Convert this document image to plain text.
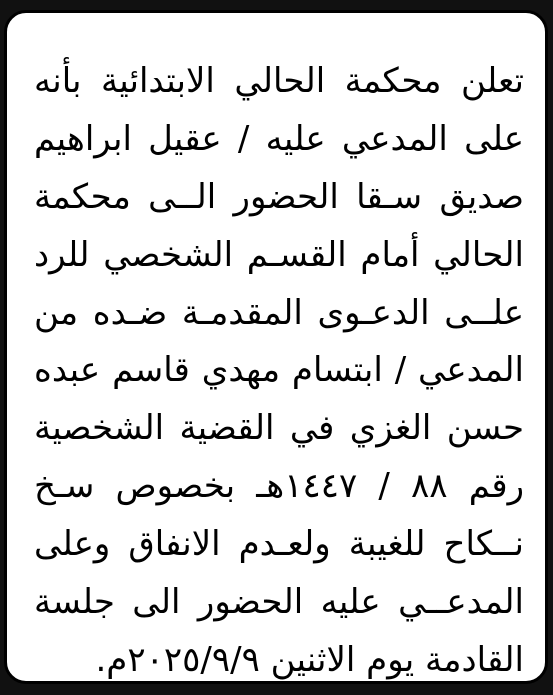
تعلن محكمة الحالي الابتدائية بأنه
على المدعي عليه / عقيل ابراهيم
صديق سـقا الحضور الــى محكمة
الحالي أمام القسـم الشخصي للرد
علــى الدعـوى المقدمـة ضـده من
المدعي / ابتسام مهدي قاسم عبده
حسن الغزي في القضية الشخصية
رقم ٨٨ / ١٤٤٧هـ بخصوص سـخ
نــكاح للغيبة ولعـدم الانفاق وعلى
المدعــي عليه الحضور الى جلسة
القادمة يوم الاثنين ٢٠٢٥/٩/٩م.
